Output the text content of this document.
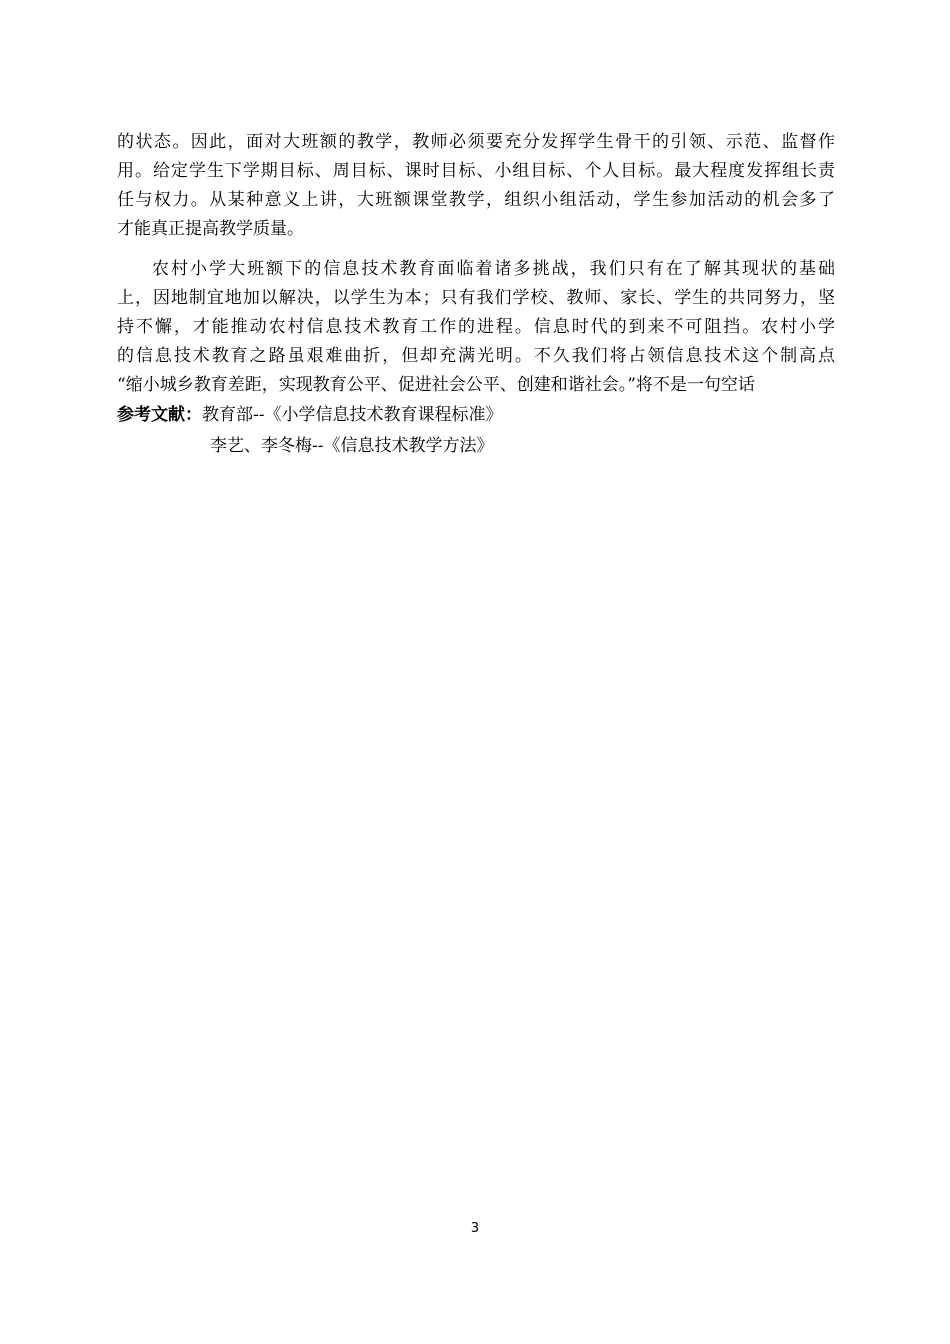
的状态。因此，面对大班额的教学，教师必须要充分发挥学生骨干的引领、示范、监督作
用。给定学生下学期目标、周目标、课时目标、小组目标、个人目标。最大程度发挥组长责
任与权力。从某种意义上讲，大班额课堂教学，组织小组活动，学生参加活动的机会多了
才能真正提高教学质量。
农村小学大班额下的信息技术教育面临着诸多挑战，我们只有在了解其现状的基础
上，因地制宜地加以解决，以学生为本；只有我们学校、教师、家长、学生的共同努力，坚
持不懈，才能推动农村信息技术教育工作的进程。信息时代的到来不可阻挡。农村小学
的信息技术教育之路虽艰难曲折，但却充满光明。不久我们将占领信息技术这个制高点
“缩小城乡教育差距，实现教育公平、促进社会公平、创建和谐社会。”将不是一句空话
参考文献：教育部--《小学信息技术教育课程标准》
李艺、李冬梅--《信息技术教学方法》
3
